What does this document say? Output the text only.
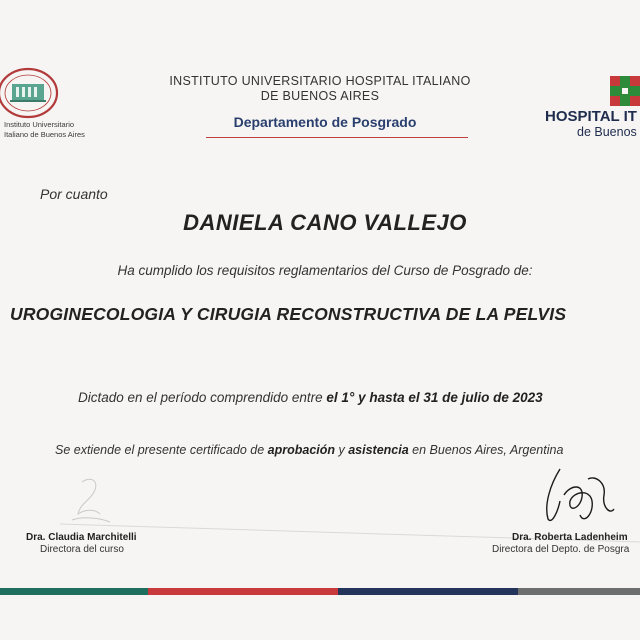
Instituto Universitario
Italiano de Buenos Aires
INSTITUTO UNIVERSITARIO HOSPITAL ITALIANO
DE BUENOS AIRES
Departamento de Posgrado	HOSPITAL IT
de Buenos
Por cuanto
DANIELA CANO VALLEJO
Ha cumplido los requisitos reglamentarios del Curso de Posgrado de:
UROGINECOLOGIA Y CIRUGIA RECONSTRUCTIVA DE LA PELVIS
Dictado en el período comprendido entre el 1° y hasta el 31 de julio de 2023
Se extiende el presente certificado de aprobación y asistencia en Buenos Aires, Argentina
Dra. Claudia Marchitelli
Directora del curso
Dra. Roberta Ladenheim
Directora del Depto. de Posgra
